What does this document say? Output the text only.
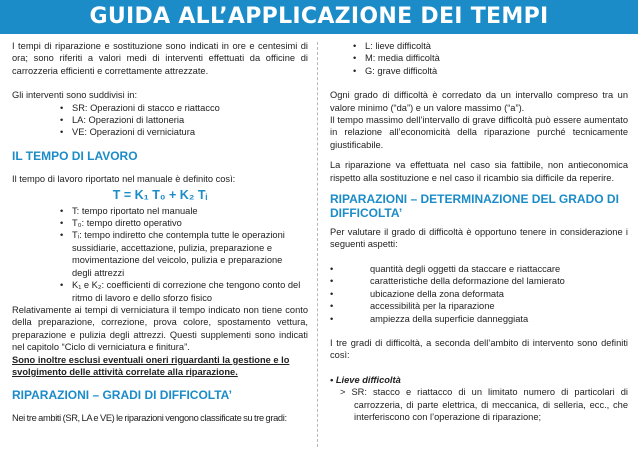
GUIDA ALL’APPLICAZIONE DEI TEMPI

I tempi di riparazione e sostituzione sono indicati in ore e centesimi di ora; sono riferiti a valori medi di interventi effettuati da officine di carrozzeria efficienti e correttamente attrezzate.

Gli interventi sono suddivisi in:

• SR: Operazioni di stacco e riattacco
• LA: Operazioni di lattoneria
• VE: Operazioni di verniciatura

IL TEMPO DI LAVORO

Il tempo di lavoro riportato nel manuale è definito così:

T = K₁ T₀ + K₂ Tᵢ

• T: tempo riportato nel manuale
• T₀: tempo diretto operativo
• Tᵢ: tempo indiretto che contempla tutte le operazioni sussidiarie, accettazione, pulizia, preparazione e movimentazione del veicolo, pulizia e preparazione degli attrezzi
• K₁ e K₂: coefficienti di correzione che tengono conto del ritmo di lavoro e dello sforzo fisico

Relativamente ai tempi di verniciatura il tempo indicato non tiene conto della preparazione, correzione, prova colore, spostamento vettura, preparazione e pulizia degli attrezzi. Questi supplementi sono indicati nel capitolo “Ciclo di verniciatura e finitura”.

Sono inoltre esclusi eventuali oneri riguardanti la gestione e lo svolgimento delle attività correlate alla riparazione.

RIPARAZIONI – GRADI DI DIFFICOLTA’

Nei tre ambiti (SR, LA e VE) le riparazioni vengono classificate su tre gradi:

• L: lieve difficoltà
• M: media difficoltà
• G: grave difficoltà

Ogni grado di difficoltà è corredato da un intervallo compreso tra un valore minimo (“da”) e un valore massimo (“a”).

Il tempo massimo dell’intervallo di grave difficoltà può essere aumentato in relazione all’economicità della riparazione purché tecnicamente giustificabile.

La riparazione va effettuata nel caso sia fattibile, non antieconomica rispetto alla sostituzione e nel caso il ricambio sia difficile da reperire.

RIPARAZIONI – DETERMINAZIONE DEL GRADO DI DIFFICOLTA’

Per valutare il grado di difficoltà è opportuno tenere in considerazione i seguenti aspetti:

• quantità degli oggetti da staccare e riattaccare
• caratteristiche della deformazione del lamierato
• ubicazione della zona deformata
• accessibilità per la riparazione
• ampiezza della superficie danneggiata

I tre gradi di difficoltà, a seconda dell’ambito di intervento sono definiti così:

• Lieve difficoltà

> SR: stacco e riattacco di un limitato numero di particolari di carrozzeria, di parte elettrica, di meccanica, di selleria, ecc., che interferiscono con l’operazione di riparazione;
